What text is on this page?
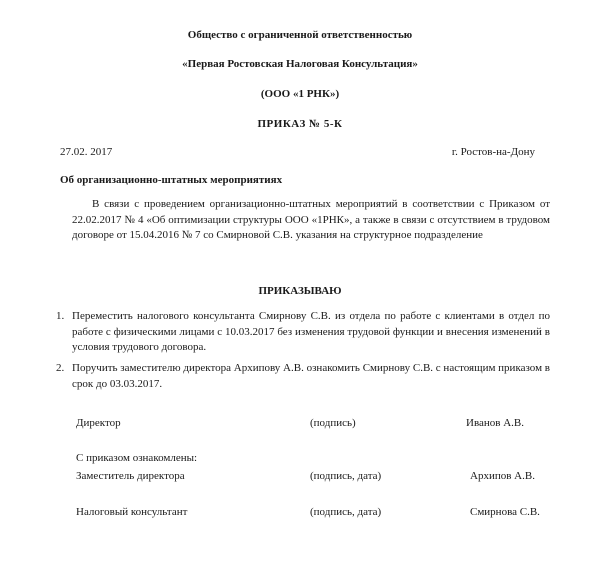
Общество с ограниченной ответственностью
«Первая Ростовская Налоговая Консультация»
(ООО «1 РНК»)
ПРИКАЗ № 5-К
27.02. 2017	г. Ростов-на-Дону
Об организационно-штатных мероприятиях
В связи с проведением организационно-штатных мероприятий в соответствии с Приказом от 22.02.2017 № 4 «Об оптимизации структуры ООО «1РНК», а также в связи с отсутствием в трудовом договоре от 15.04.2016 № 7 со Смирновой С.В. указания на структурное подразделение
ПРИКАЗЫВАЮ
1. Переместить налогового консультанта Смирнову С.В. из отдела по работе с клиентами в отдел по работе с физическими лицами с 10.03.2017 без изменения трудовой функции и внесения изменений в условия трудового договора.
2. Поручить заместителю директора Архипову А.В. ознакомить Смирнову С.В. с настоящим приказом в срок до 03.03.2017.
Директор	(подпись)	Иванов А.В.
С приказом ознакомлены:
Заместитель директора	(подпись, дата)	Архипов А.В.
Налоговый консультант	(подпись, дата)	Смирнова С.В.
